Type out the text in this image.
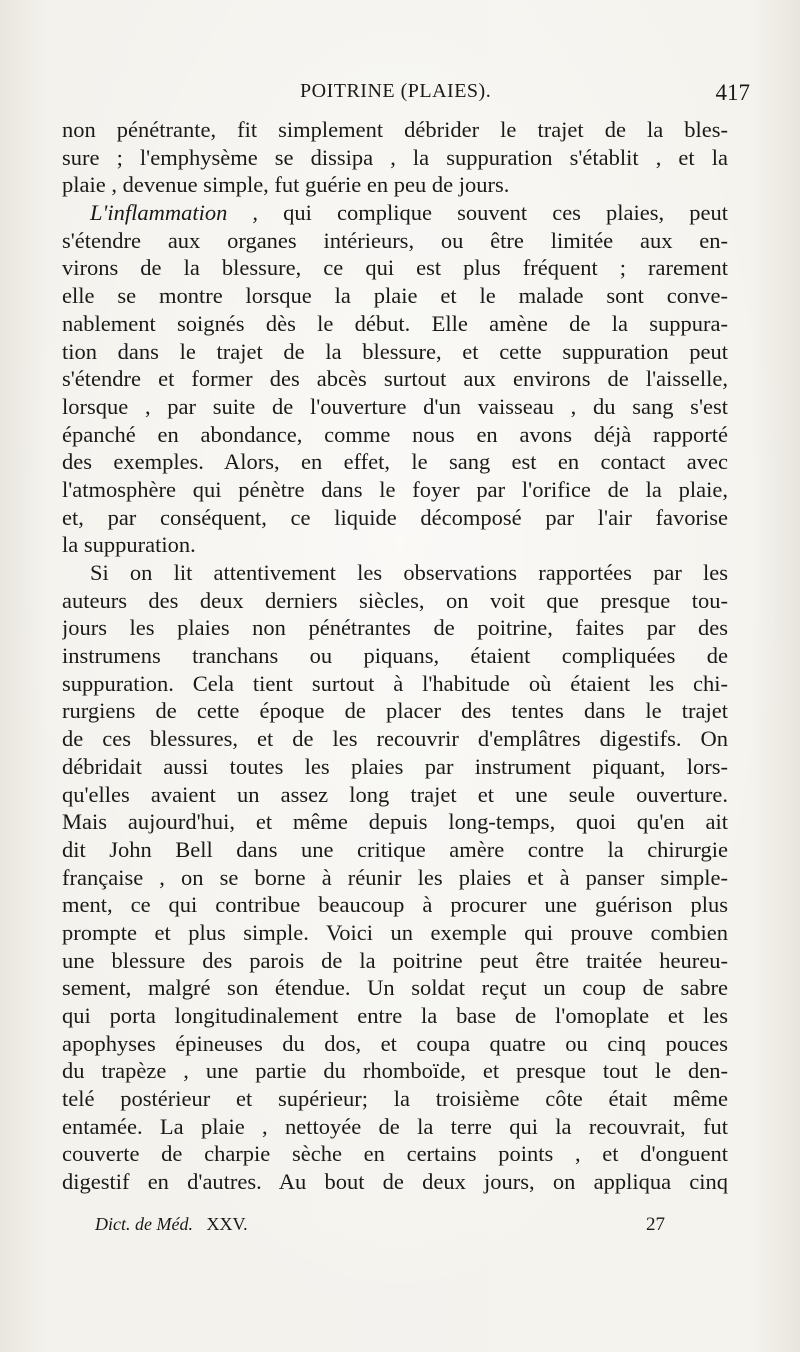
POITRINE (PLAIES).	417
non pénétrante, fit simplement débrider le trajet de la bles-
sure ; l'emphysème se dissipa , la suppuration s'établit , et la
plaie , devenue simple, fut guérie en peu de jours.
L'inflammation , qui complique souvent ces plaies, peut
s'étendre aux organes intérieurs, ou être limitée aux en-
virons de la blessure, ce qui est plus fréquent ; rarement
elle se montre lorsque la plaie et le malade sont conve-
nablement soignés dès le début. Elle amène de la suppura-
tion dans le trajet de la blessure, et cette suppuration peut
s'étendre et former des abcès surtout aux environs de l'aisselle,
lorsque , par suite de l'ouverture d'un vaisseau , du sang s'est
épanché en abondance, comme nous en avons déjà rapporté
des exemples. Alors, en effet, le sang est en contact avec
l'atmosphère qui pénètre dans le foyer par l'orifice de la plaie,
et, par conséquent, ce liquide décomposé par l'air favorise
la suppuration.
Si on lit attentivement les observations rapportées par les
auteurs des deux derniers siècles, on voit que presque tou-
jours les plaies non pénétrantes de poitrine, faites par des
instrumens tranchans ou piquans, étaient compliquées de
suppuration. Cela tient surtout à l'habitude où étaient les chi-
rurgiens de cette époque de placer des tentes dans le trajet
de ces blessures, et de les recouvrir d'emplâtres digestifs. On
débridait aussi toutes les plaies par instrument piquant, lors-
qu'elles avaient un assez long trajet et une seule ouverture.
Mais aujourd'hui, et même depuis long-temps, quoi qu'en ait
dit John Bell dans une critique amère contre la chirurgie
française , on se borne à réunir les plaies et à panser simple-
ment, ce qui contribue beaucoup à procurer une guérison plus
prompte et plus simple. Voici un exemple qui prouve combien
une blessure des parois de la poitrine peut être traitée heureu-
sement, malgré son étendue. Un soldat reçut un coup de sabre
qui porta longitudinalement entre la base de l'omoplate et les
apophyses épineuses du dos, et coupa quatre ou cinq pouces
du trapèze , une partie du rhomboïde, et presque tout le den-
telé postérieur et supérieur; la troisième côte était même
entamée. La plaie , nettoyée de la terre qui la recouvrait, fut
couverte de charpie sèche en certains points , et d'onguent
digestif en d'autres. Au bout de deux jours, on appliqua cinq
Dict. de Méd. XXV.	27
